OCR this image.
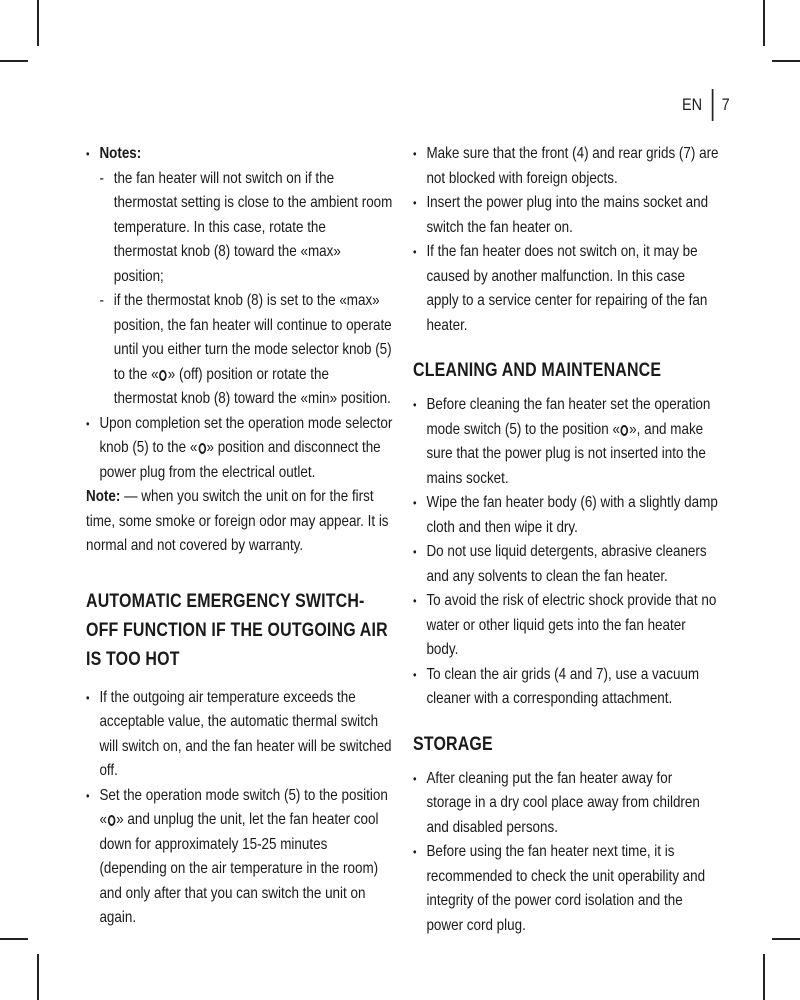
EN 7
• Notes:
- the fan heater will not switch on if the thermostat setting is close to the ambient room temperature. In this case, rotate the thermostat knob (8) toward the «max» position;
- if the thermostat knob (8) is set to the «max» position, the fan heater will continue to operate until you either turn the mode selector knob (5) to the « » (off) position or rotate the thermostat knob (8) toward the «min» position.
• Upon completion set the operation mode selector knob (5) to the « » position and disconnect the power plug from the electrical outlet.
Note: — when you switch the unit on for the first time, some smoke or foreign odor may appear. It is normal and not covered by warranty.
AUTOMATIC EMERGENCY SWITCH-OFF FUNCTION IF THE OUTGOING AIR IS TOO HOT
• If the outgoing air temperature exceeds the acceptable value, the automatic thermal switch will switch on, and the fan heater will be switched off.
• Set the operation mode switch (5) to the position « » and unplug the unit, let the fan heater cool down for approximately 15-25 minutes (depending on the air temperature in the room) and only after that you can switch the unit on again.
• Make sure that the front (4) and rear grids (7) are not blocked with foreign objects.
• Insert the power plug into the mains socket and switch the fan heater on.
• If the fan heater does not switch on, it may be caused by another malfunction. In this case apply to a service center for repairing of the fan heater.
CLEANING AND MAINTENANCE
• Before cleaning the fan heater set the operation mode switch (5) to the position « », and make sure that the power plug is not inserted into the mains socket.
• Wipe the fan heater body (6) with a slightly damp cloth and then wipe it dry.
• Do not use liquid detergents, abrasive cleaners and any solvents to clean the fan heater.
• To avoid the risk of electric shock provide that no water or other liquid gets into the fan heater body.
• To clean the air grids (4 and 7), use a vacuum cleaner with a corresponding attachment.
STORAGE
• After cleaning put the fan heater away for storage in a dry cool place away from children and disabled persons.
• Before using the fan heater next time, it is recommended to check the unit operability and integrity of the power cord isolation and the power cord plug.
